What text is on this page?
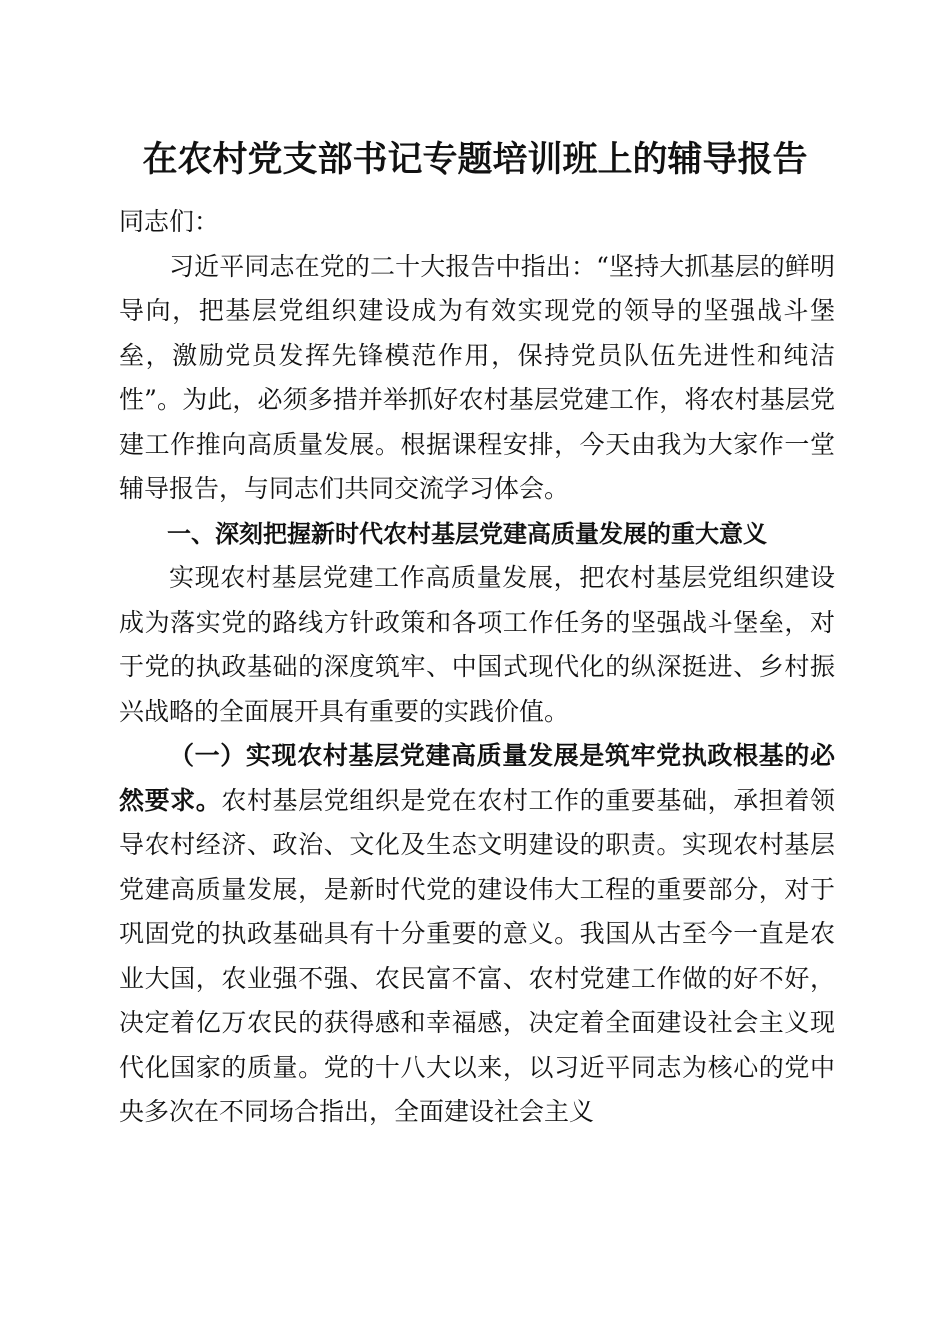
在农村党支部书记专题培训班上的辅导报告

同志们：

习近平同志在党的二十大报告中指出：“坚持大抓基层的鲜明导向，把基层党组织建设成为有效实现党的领导的坚强战斗堡垒，激励党员发挥先锋模范作用，保持党员队伍先进性和纯洁性”。为此，必须多措并举抓好农村基层党建工作，将农村基层党建工作推向高质量发展。根据课程安排，今天由我为大家作一堂辅导报告，与同志们共同交流学习体会。

一、深刻把握新时代农村基层党建高质量发展的重大意义

实现农村基层党建工作高质量发展，把农村基层党组织建设成为落实党的路线方针政策和各项工作任务的坚强战斗堡垒，对于党的执政基础的深度筑牢、中国式现代化的纵深挺进、乡村振兴战略的全面展开具有重要的实践价值。

（一）实现农村基层党建高质量发展是筑牢党执政根基的必然要求。农村基层党组织是党在农村工作的重要基础，承担着领导农村经济、政治、文化及生态文明建设的职责。实现农村基层党建高质量发展，是新时代党的建设伟大工程的重要部分，对于巩固党的执政基础具有十分重要的意义。我国从古至今一直是农业大国，农业强不强、农民富不富、农村党建工作做的好不好，决定着亿万农民的获得感和幸福感，决定着全面建设社会主义现代化国家的质量。党的十八大以来，以习近平同志为核心的党中央多次在不同场合指出，全面建设社会主义
